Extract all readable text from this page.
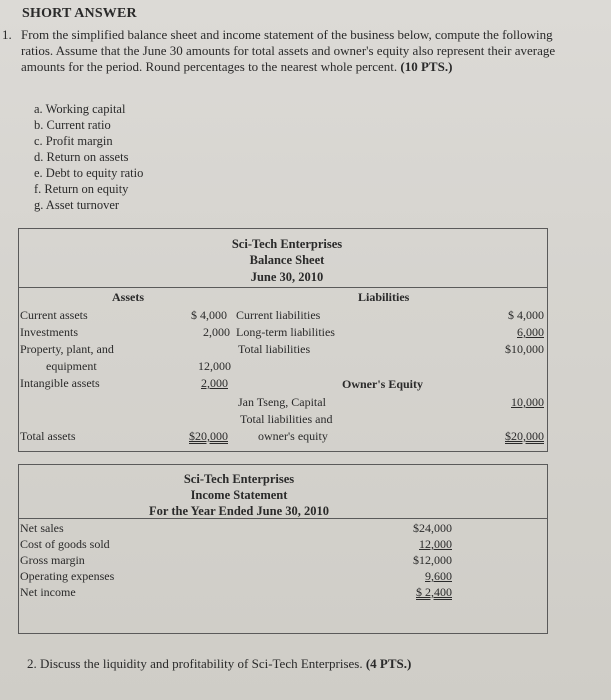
SHORT ANSWER
1. From the simplified balance sheet and income statement of the business below, compute the following
ratios. Assume that the June 30 amounts for total assets and owner's equity also represent their average
amounts for the period. Round percentages to the nearest whole percent. (10 PTS.)
a. Working capital
b. Current ratio
c. Profit margin
d. Return on assets
e. Debt to equity ratio
f. Return on equity
g. Asset turnover
Sci-Tech Enterprises
Balance Sheet
June 30, 2010
Assets	Liabilities
Current assets	$ 4,000
Investments	2,000
Property, plant, and
equipment	12,000
Intangible assets	2,000
Total assets	$20,000
Current liabilities	$ 4,000
Long-term liabilities	6,000
Total liabilities	$10,000
Owner's Equity
Jan Tseng, Capital	10,000
Total liabilities and
owner's equity	$20,000
Sci-Tech Enterprises
Income Statement
For the Year Ended June 30, 2010
Net sales	$24,000
Cost of goods sold	12,000
Gross margin	$12,000
Operating expenses	9,600
Net income	$ 2,400
2. Discuss the liquidity and profitability of Sci-Tech Enterprises. (4 PTS.)
